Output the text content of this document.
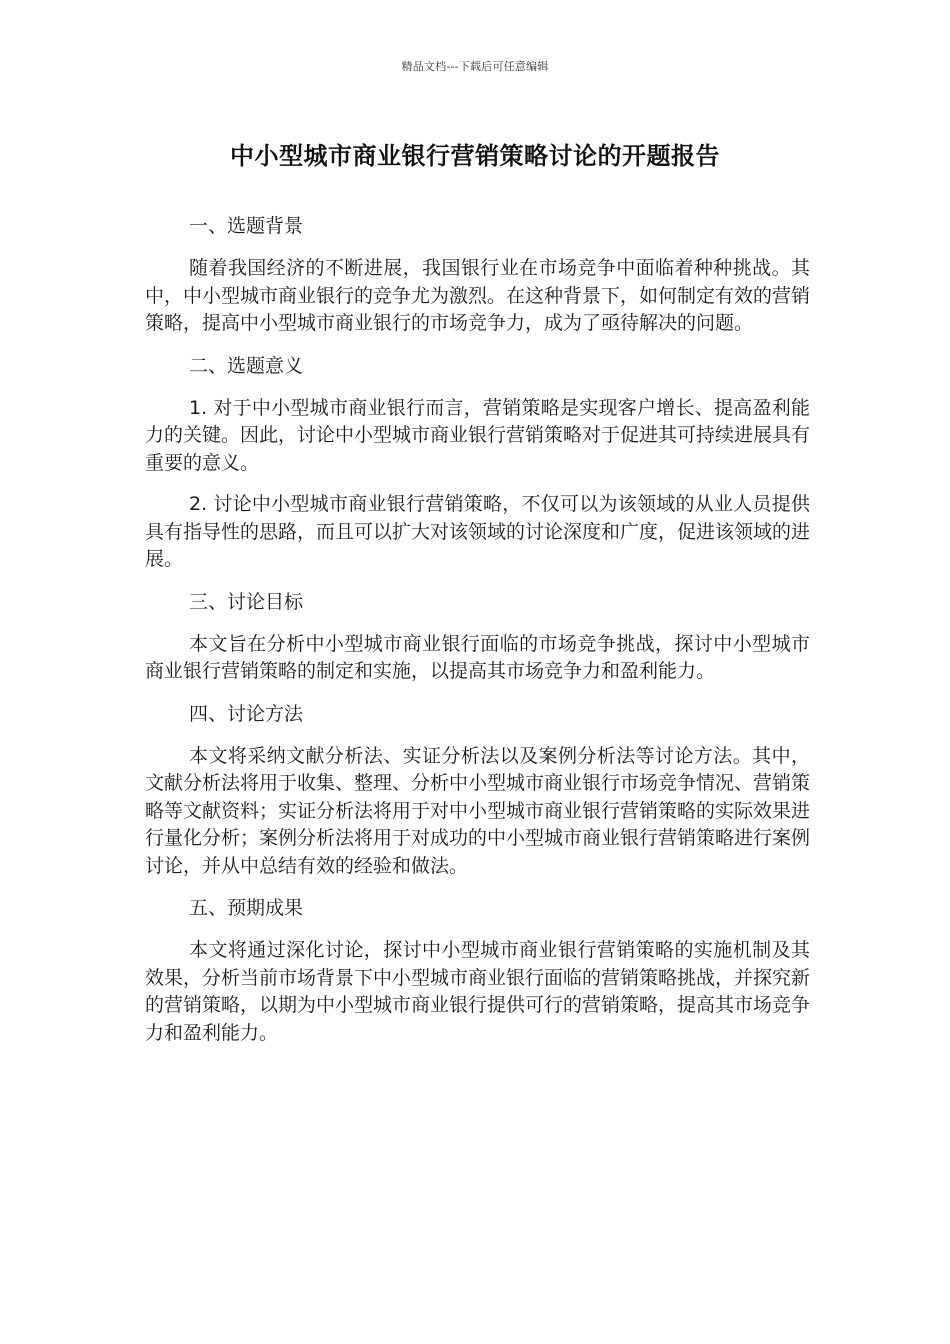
精品文档---下载后可任意编辑
中小型城市商业银行营销策略讨论的开题报告

一、选题背景

随着我国经济的不断进展，我国银行业在市场竞争中面临着种种挑战。其中，中小型城市商业银行的竞争尤为激烈。在这种背景下，如何制定有效的营销策略，提高中小型城市商业银行的市场竞争力，成为了亟待解决的问题。

二、选题意义

1. 对于中小型城市商业银行而言，营销策略是实现客户增长、提高盈利能力的关键。因此，讨论中小型城市商业银行营销策略对于促进其可持续进展具有重要的意义。

2. 讨论中小型城市商业银行营销策略，不仅可以为该领域的从业人员提供具有指导性的思路，而且可以扩大对该领域的讨论深度和广度，促进该领域的进展。

三、讨论目标

本文旨在分析中小型城市商业银行面临的市场竞争挑战，探讨中小型城市商业银行营销策略的制定和实施，以提高其市场竞争力和盈利能力。

四、讨论方法

本文将采纳文献分析法、实证分析法以及案例分析法等讨论方法。其中，文献分析法将用于收集、整理、分析中小型城市商业银行市场竞争情况、营销策略等文献资料；实证分析法将用于对中小型城市商业银行营销策略的实际效果进行量化分析；案例分析法将用于对成功的中小型城市商业银行营销策略进行案例讨论，并从中总结有效的经验和做法。

五、预期成果

本文将通过深化讨论，探讨中小型城市商业银行营销策略的实施机制及其效果，分析当前市场背景下中小型城市商业银行面临的营销策略挑战，并探究新的营销策略，以期为中小型城市商业银行提供可行的营销策略，提高其市场竞争力和盈利能力。
